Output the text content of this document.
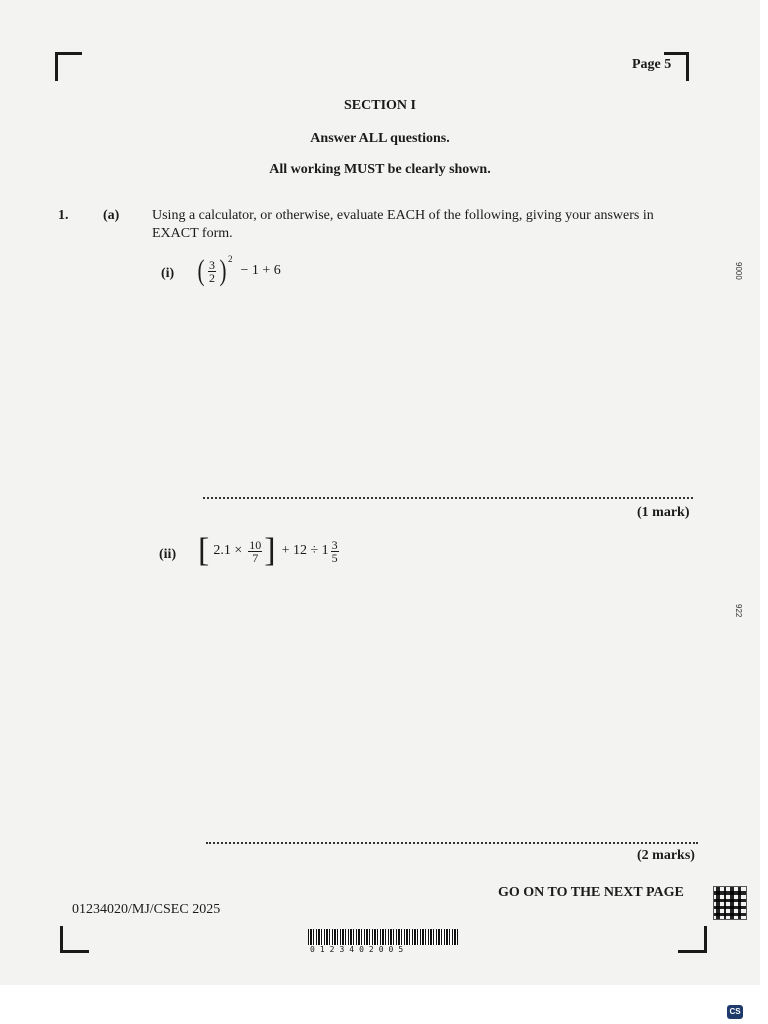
Page 5
SECTION I
Answer ALL questions.
All working MUST be clearly shown.
1. (a) Using a calculator, or otherwise, evaluate EACH of the following, giving your answers in
EXACT form.
(i) ( $\frac{3}{2} )^2$
− 1 + 6
(1 mark)
(ii) [ $2.1 \times \frac{10}{7}$ ] + $12 \div 1 \frac{3}{5}$
(2 marks)
GO ON TO THE NEXT PAGE
01234020/MJ/CSEC 2025
0123402005
9000
922
CS
